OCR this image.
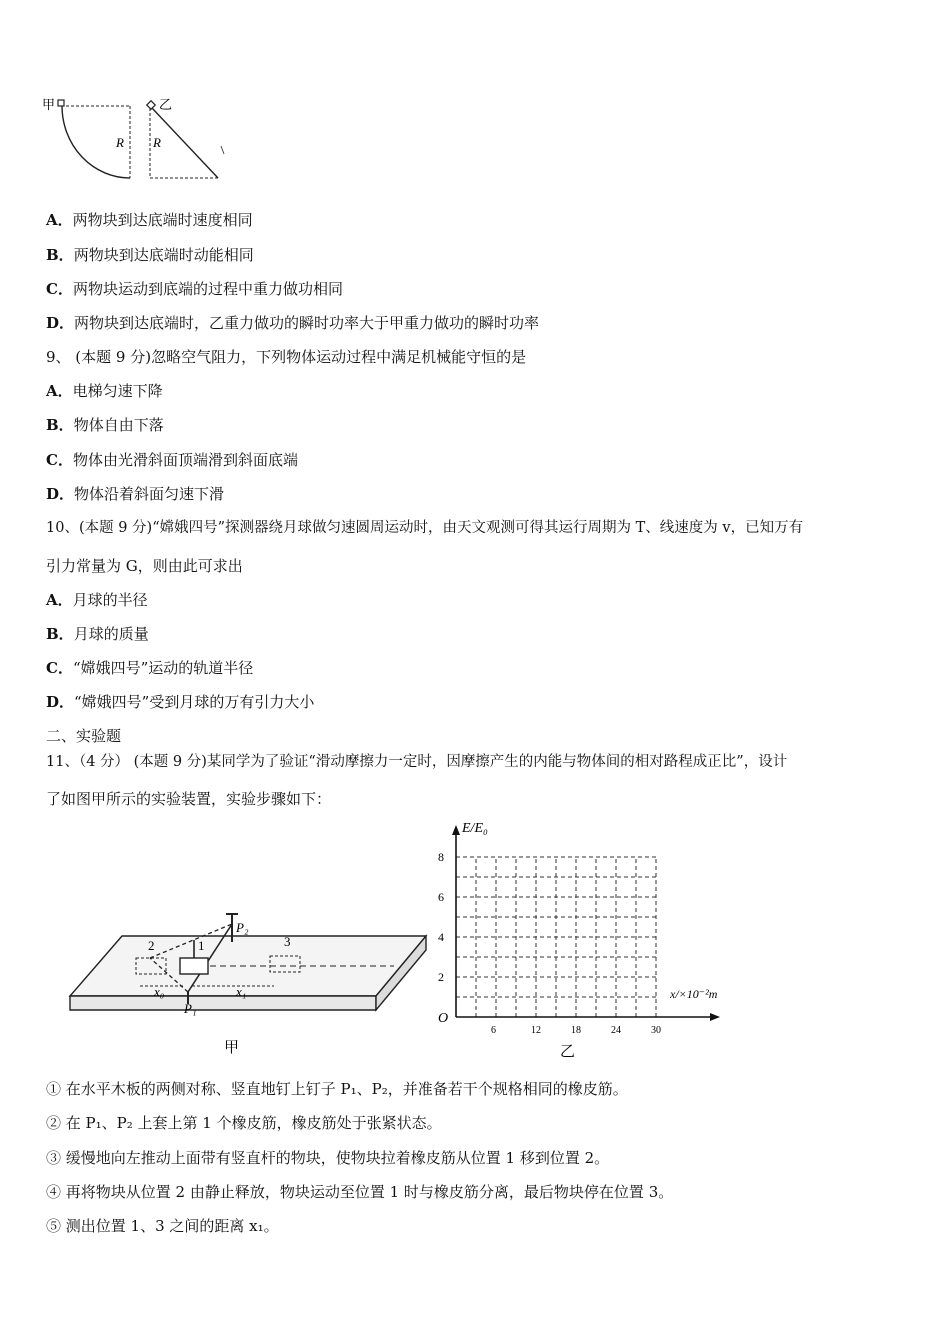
甲
R
乙
R
A．两物块到达底端时速度相同
B．两物块到达底端时动能相同
C．两物块运动到底端的过程中重力做功相同
D．两物块到达底端时，乙重力做功的瞬时功率大于甲重力做功的瞬时功率
9、 (本题 9 分)忽略空气阻力，下列物体运动过程中满足机械能守恒的是
A．电梯匀速下降
B．物体自由下落
C．物体由光滑斜面顶端滑到斜面底端
D．物体沿着斜面匀速下滑
10、(本题 9 分)“嫦娥四号”探测器绕月球做匀速圆周运动时，由天文观测可得其运行周期为 T、线速度为 v，已知万有
引力常量为 G，则由此可求出
A．月球的半径
B．月球的质量
C．“嫦娥四号”运动的轨道半径
D．“嫦娥四号”受到月球的万有引力大小
二、实验题
11、（4 分） (本题 9 分)某同学为了验证“滑动摩擦力一定时，因摩擦产生的内能与物体间的相对路程成正比”，设计
了如图甲所示的实验装置，实验步骤如下：
P₂
P₁
2	1	3
x₀	x₁
甲
E/E₀
x/×10⁻²m
O
乙
6	12	18	24	30
2
4
6
8
① 在水平木板的两侧对称、竖直地钉上钉子 P₁、P₂，并准备若干个规格相同的橡皮筋。
② 在 P₁、P₂ 上套上第 1 个橡皮筋，橡皮筋处于张紧状态。
③ 缓慢地向左推动上面带有竖直杆的物块，使物块拉着橡皮筋从位置 1 移到位置 2。
④ 再将物块从位置 2 由静止释放，物块运动至位置 1 时与橡皮筋分离，最后物块停在位置 3。
⑤ 测出位置 1、3 之间的距离 x₁。
